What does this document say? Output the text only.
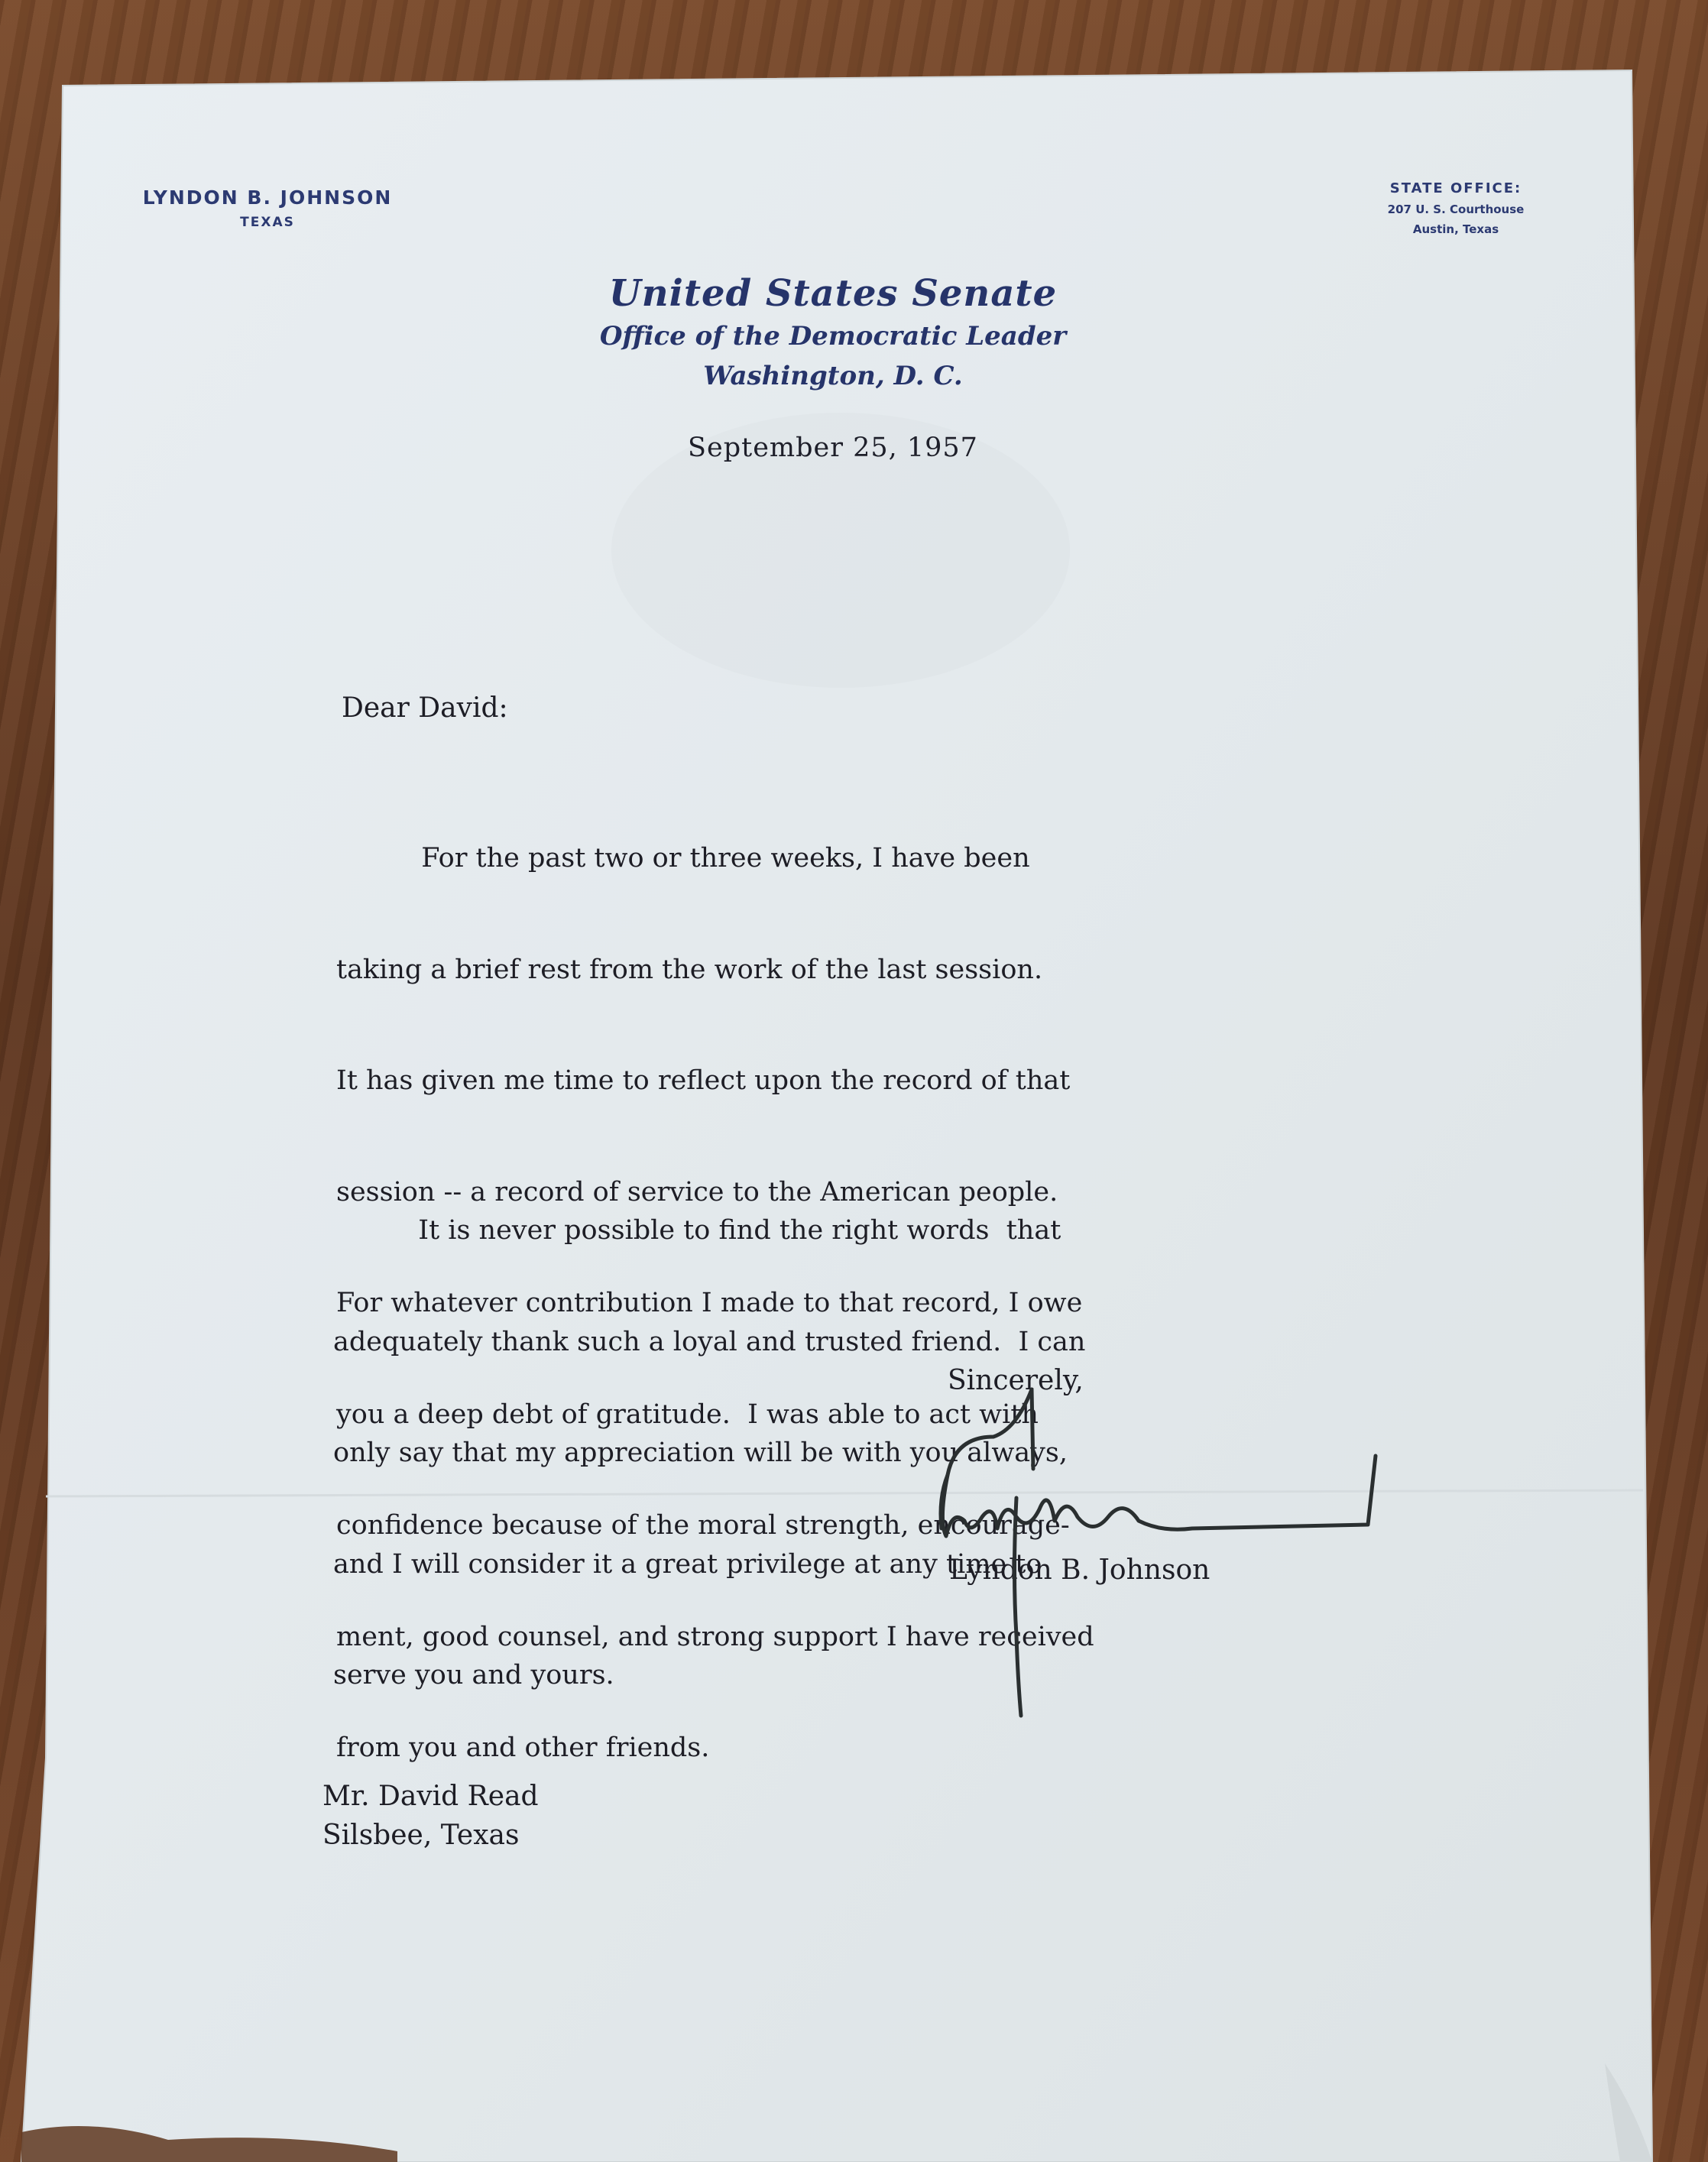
LYNDON B. JOHNSON
TEXAS
STATE OFFICE:
207 U. S. Courthouse
Austin, Texas
United States Senate
Office of the Democratic Leader
Washington, D. C.
September 25, 1957
Dear David:

For the past two or three weeks, I have been

taking a brief rest from the work of the last session.

It has given me time to reflect upon the record of that

session -- a record of service to the American people.

For whatever contribution I made to that record, I owe

you a deep debt of gratitude.  I was able to act with

confidence because of the moral strength, encourage-

ment, good counsel, and strong support I have received

from you and other friends.

It is never possible to find the right words  that

adequately thank such a loyal and trusted friend.  I can

only say that my appreciation will be with you always,

and I will consider it a great privilege at any time to

serve you and yours.

Sincerely,
Lyndon B. Johnson
Mr. David Read
Silsbee, Texas
